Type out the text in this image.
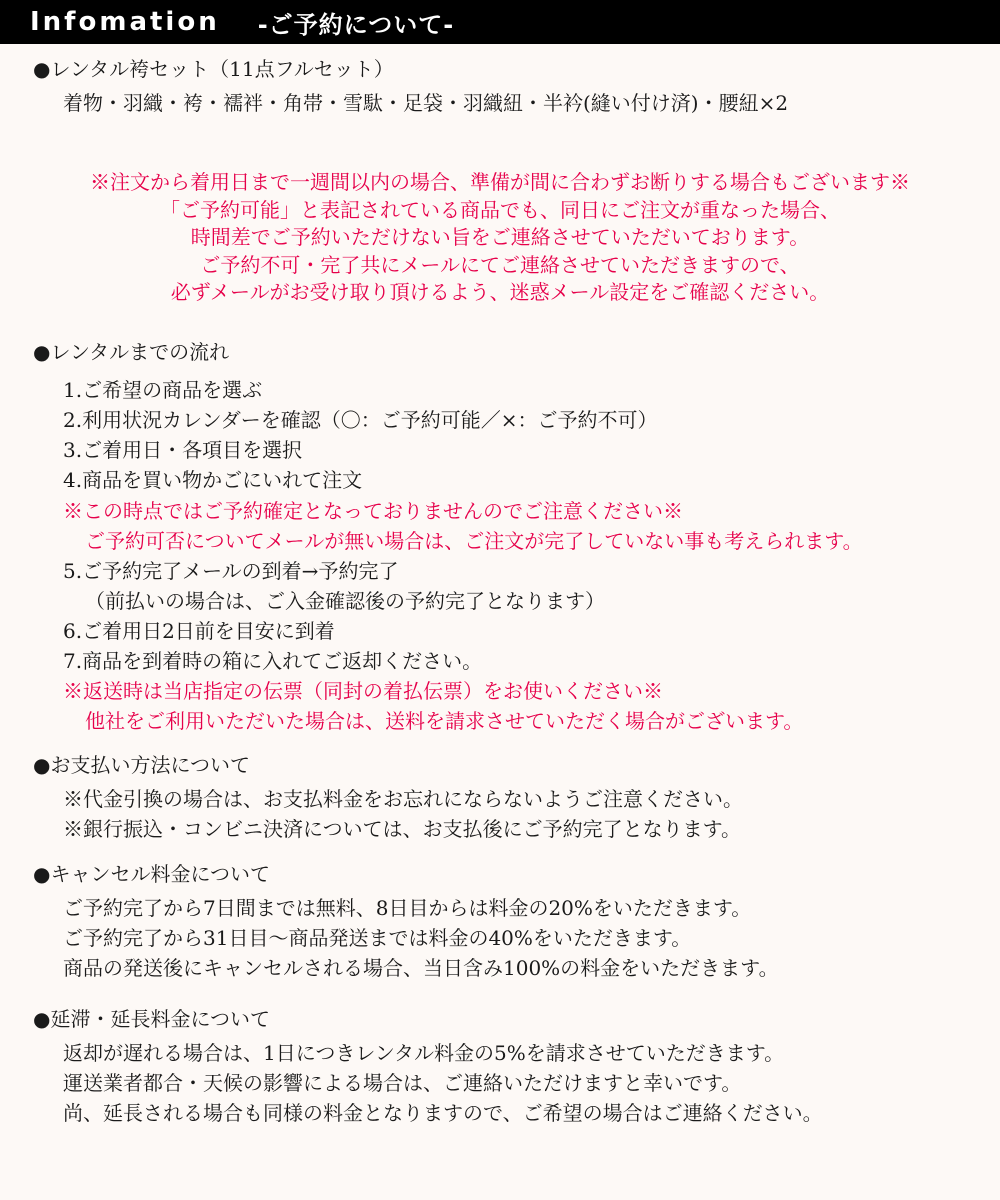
Infomation -ご予約について-
●レンタル袴セット（11点フルセット）
着物・羽織・袴・襦袢・角帯・雪駄・足袋・羽織紐・半衿(縫い付け済)・腰紐×2
※注文から着用日まで一週間以内の場合、準備が間に合わずお断りする場合もございます※
「ご予約可能」と表記されている商品でも、同日にご注文が重なった場合、
時間差でご予約いただけない旨をご連絡させていただいております。
ご予約不可・完了共にメールにてご連絡させていただきますので、
必ずメールがお受け取り頂けるよう、迷惑メール設定をご確認ください。
●レンタルまでの流れ
1.ご希望の商品を選ぶ
2.利用状況カレンダーを確認（〇：ご予約可能／×：ご予約不可）
3.ご着用日・各項目を選択
4.商品を買い物かごにいれて注文
※この時点ではご予約確定となっておりませんのでご注意ください※
ご予約可否についてメールが無い場合は、ご注文が完了していない事も考えられます。
5.ご予約完了メールの到着→予約完了
（前払いの場合は、ご入金確認後の予約完了となります）
6.ご着用日2日前を目安に到着
7.商品を到着時の箱に入れてご返却ください。
※返送時は当店指定の伝票（同封の着払伝票）をお使いください※
他社をご利用いただいた場合は、送料を請求させていただく場合がございます。
●お支払い方法について
※代金引換の場合は、お支払料金をお忘れにならないようご注意ください。
※銀行振込・コンビニ決済については、お支払後にご予約完了となります。
●キャンセル料金について
ご予約完了から7日間までは無料、8日目からは料金の20%をいただきます。
ご予約完了から31日目〜商品発送までは料金の40%をいただきます。
商品の発送後にキャンセルされる場合、当日含み100%の料金をいただきます。
●延滞・延長料金について
返却が遅れる場合は、1日につきレンタル料金の5%を請求させていただきます。
運送業者都合・天候の影響による場合は、ご連絡いただけますと幸いです。
尚、延長される場合も同様の料金となりますので、ご希望の場合はご連絡ください。
